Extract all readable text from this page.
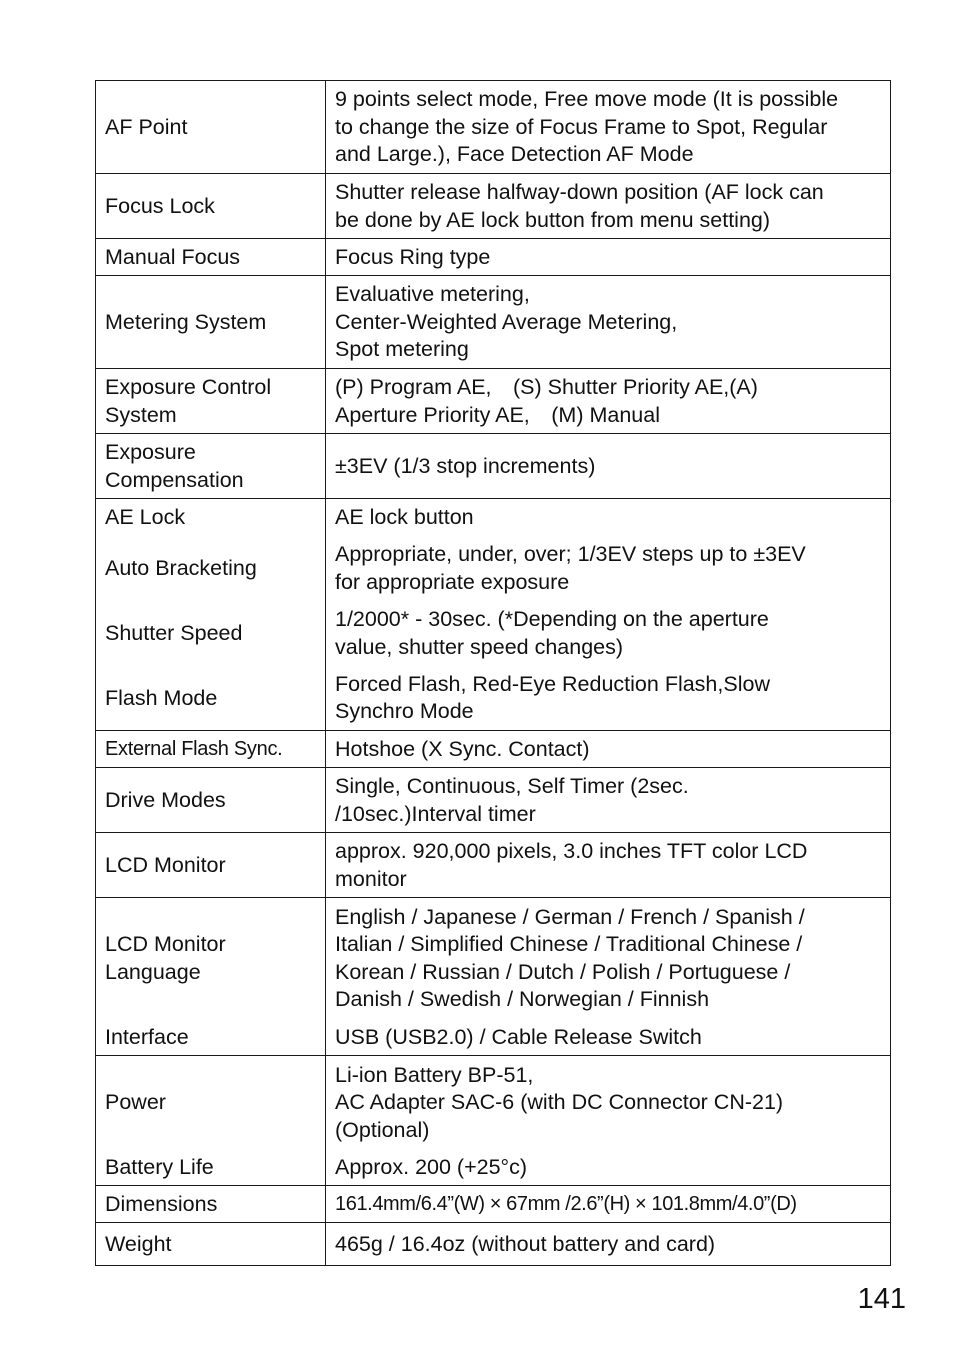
AF Point	9 points select mode, Free move mode (It is possible
to change the size of Focus Frame to Spot, Regular
and Large.), Face Detection AF Mode
Focus Lock	Shutter release halfway-down position (AF lock can
be done by AE lock button from menu setting)
Manual Focus	Focus Ring type
Metering System	Evaluative metering,
Center-Weighted Average Metering,
Spot metering
Exposure Control
System	(P) Program AE,　(S) Shutter Priority AE,(A)
Aperture Priority AE,　(M) Manual
Exposure
Compensation	±3EV (1/3 stop increments)
AE Lock	AE lock button
Auto Bracketing	Appropriate, under, over; 1/3EV steps up to ±3EV
for appropriate exposure
Shutter Speed	1/2000* - 30sec. (*Depending on the aperture
value, shutter speed changes)
Flash Mode	Forced Flash, Red-Eye Reduction Flash,Slow
Synchro Mode
External Flash Sync.	Hotshoe (X Sync. Contact)
Drive Modes	Single, Continuous, Self Timer (2sec.
/10sec.)Interval timer
LCD Monitor	approx. 920,000 pixels, 3.0 inches TFT color LCD
monitor
LCD Monitor
Language	English / Japanese / German / French / Spanish /
Italian / Simplified Chinese / Traditional Chinese /
Korean / Russian / Dutch / Polish / Portuguese /
Danish / Swedish / Norwegian / Finnish
Interface	USB (USB2.0) / Cable Release Switch
Power	Li-ion Battery BP-51,
AC Adapter SAC-6 (with DC Connector CN-21)
(Optional)
Battery Life	Approx. 200 (+25°c)
Dimensions	161.4mm/6.4”(W) × 67mm /2.6”(H) × 101.8mm/4.0”(D)
Weight	465g / 16.4oz (without battery and card)
141
